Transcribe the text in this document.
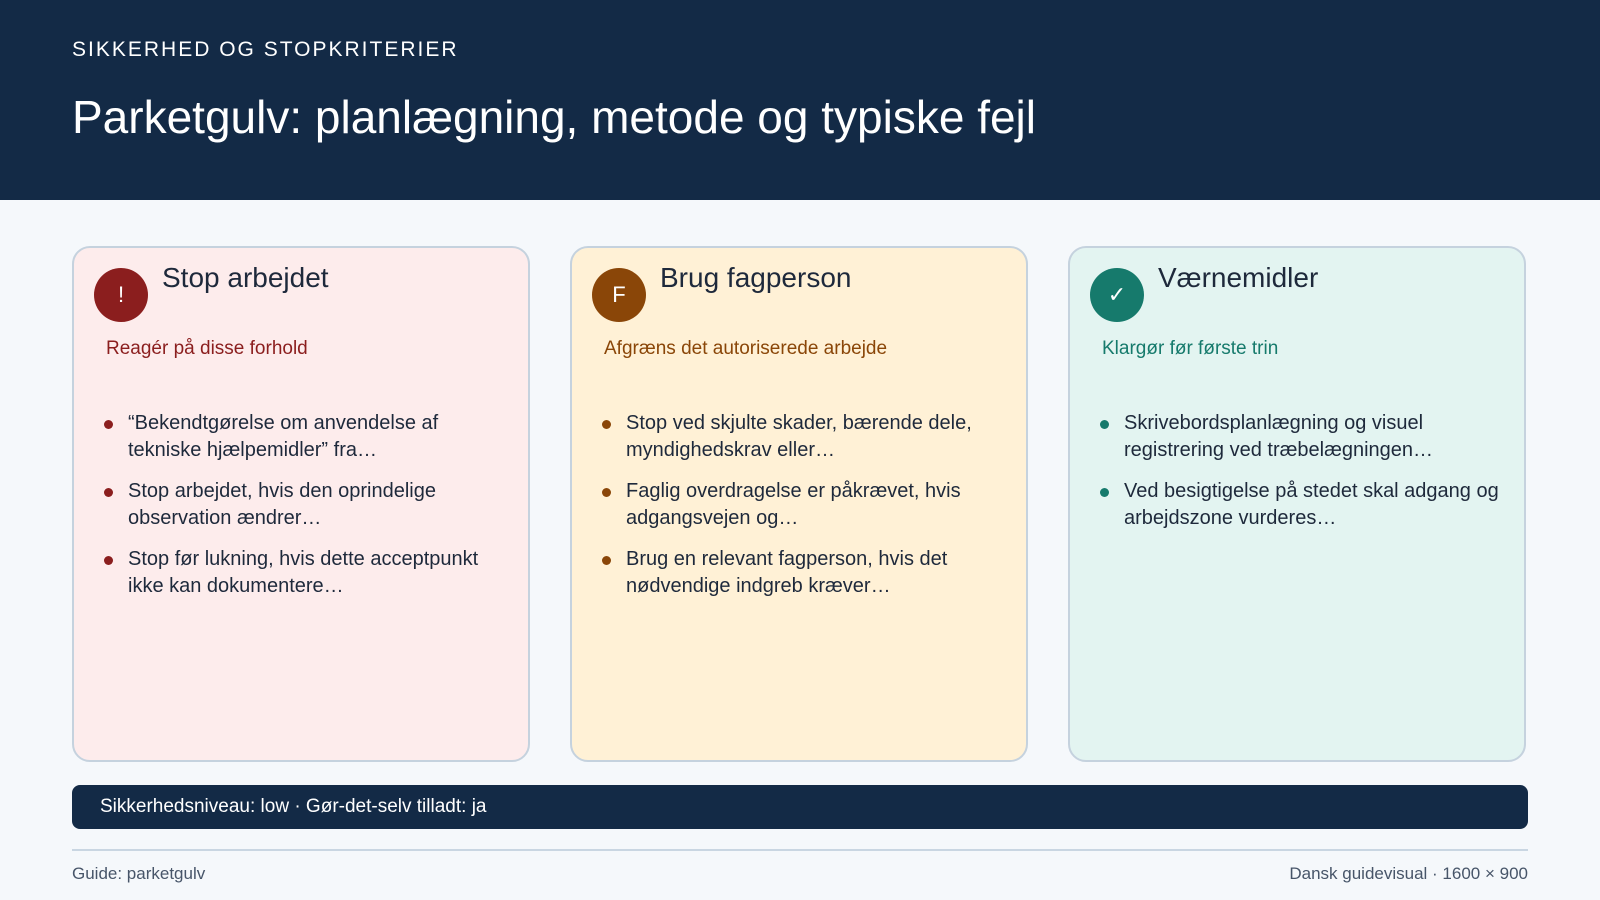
SIKKERHED OG STOPKRITERIER
Parketgulv: planlægning, metode og typiske fejl
!
Stop arbejdet
Reagér på disse forhold
“Bekendtgørelse om anvendelse af tekniske hjælpemidler” fra…
Stop arbejdet, hvis den oprindelige observation ændrer…
Stop før lukning, hvis dette acceptpunkt ikke kan dokumentere…
F
Brug fagperson
Afgræns det autoriserede arbejde
Stop ved skjulte skader, bærende dele, myndighedskrav eller…
Faglig overdragelse er påkrævet, hvis adgangsvejen og…
Brug en relevant fagperson, hvis det nødvendige indgreb kræver…
✓
Værnemidler
Klargør før første trin
Skrivebordsplanlægning og visuel registrering ved træbelægningen…
Ved besigtigelse på stedet skal adgang og arbejdszone vurderes…
Sikkerhedsniveau: low · Gør-det-selv tilladt: ja
Guide: parketgulv	Dansk guidevisual · 1600 × 900
